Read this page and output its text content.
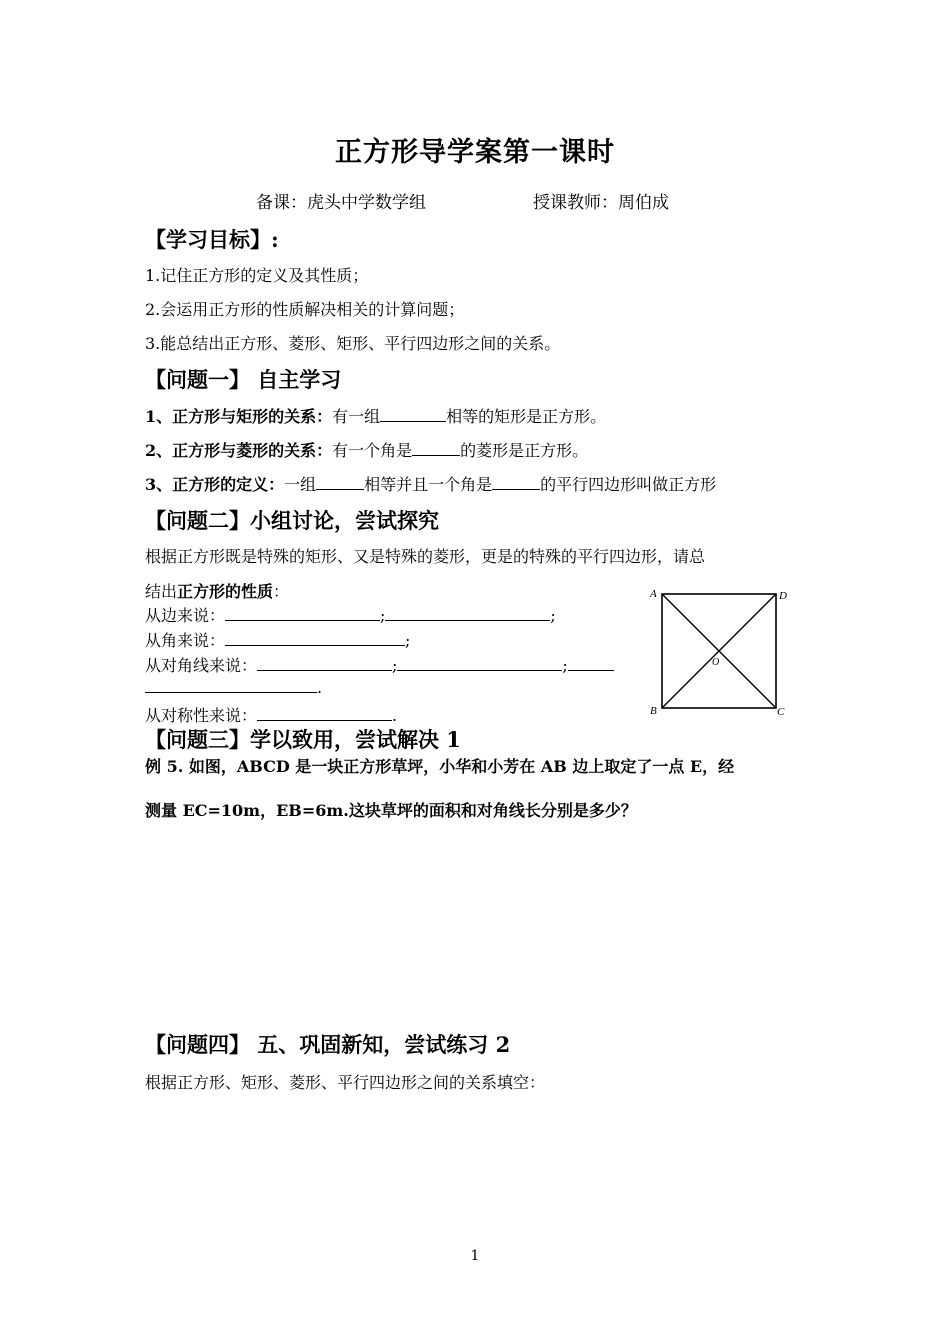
正方形导学案第一课时
备课：虎头中学数学组	授课教师：周伯成
【学习目标】:
1.记住正方形的定义及其性质；
2.会运用正方形的性质解决相关的计算问题；
3.能总结出正方形、菱形、矩形、平行四边形之间的关系。
【问题一】 自主学习
1、正方形与矩形的关系：有一组	相等的矩形是正方形。
2、正方形与菱形的关系：有一个角是	的菱形是正方形。
3、正方形的定义：一组	相等并且一个角是	的平行四边形叫做正方形
【问题二】小组讨论，尝试探究
根据正方形既是特殊的矩形、又是特殊的菱形，更是的特殊的平行四边形，请总
结出正方形的性质：
从边来说：	;	;
从角来说：	;
从对角线来说：	;	;
.
从对称性来说：	.
A	D
B	C
O
【问题三】学以致用，尝试解决 1
例 5. 如图，ABCD 是一块正方形草坪，小华和小芳在 AB 边上取定了一点 E，经
测量 EC=10m，EB=6m.这块草坪的面积和对角线长分别是多少？
【问题四】 五、巩固新知，尝试练习 2
根据正方形、矩形、菱形、平行四边形之间的关系填空：
1
